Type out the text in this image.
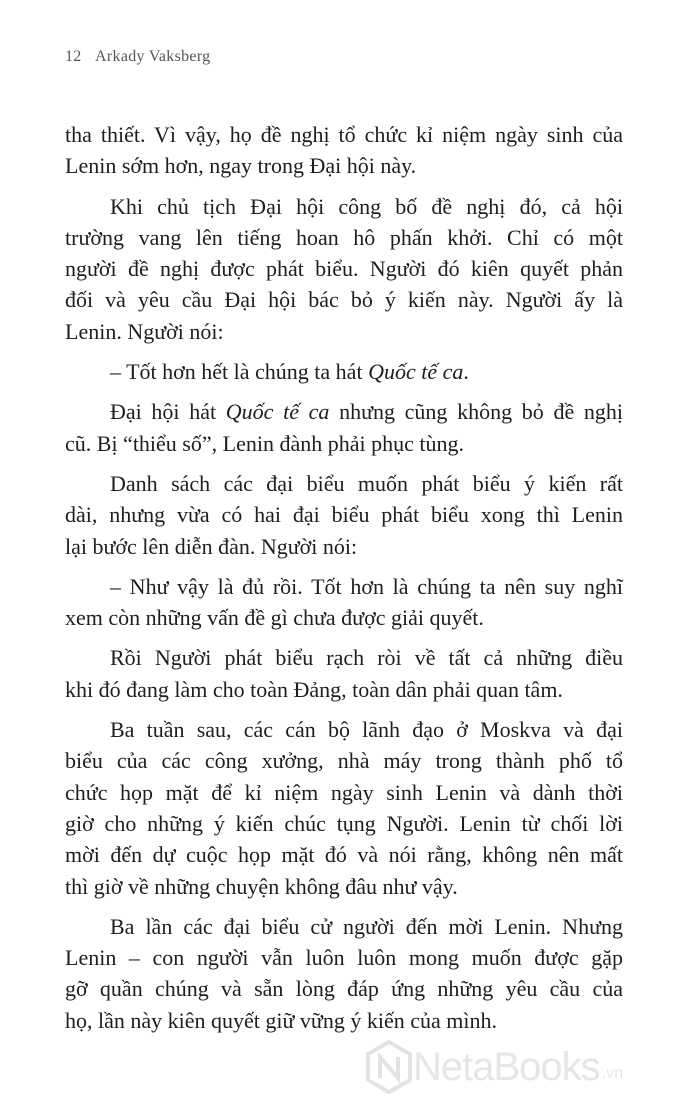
12 Arkady Vaksberg
tha thiết. Vì vậy, họ đề nghị tổ chức kỉ niệm ngày sinh của
Lenin sớm hơn, ngay trong Đại hội này.
Khi chủ tịch Đại hội công bố đề nghị đó, cả hội
trường vang lên tiếng hoan hô phấn khởi. Chỉ có một
người đề nghị được phát biểu. Người đó kiên quyết phản
đối và yêu cầu Đại hội bác bỏ ý kiến này. Người ấy là
Lenin. Người nói:
– Tốt hơn hết là chúng ta hát Quốc tế ca.
Đại hội hát Quốc tế ca nhưng cũng không bỏ đề nghị
cũ. Bị “thiểu số”, Lenin đành phải phục tùng.
Danh sách các đại biểu muốn phát biểu ý kiến rất
dài, nhưng vừa có hai đại biểu phát biểu xong thì Lenin
lại bước lên diễn đàn. Người nói:
– Như vậy là đủ rồi. Tốt hơn là chúng ta nên suy nghĩ
xem còn những vấn đề gì chưa được giải quyết.
Rồi Người phát biểu rạch ròi về tất cả những điều
khi đó đang làm cho toàn Đảng, toàn dân phải quan tâm.
Ba tuần sau, các cán bộ lãnh đạo ở Moskva và đại
biểu của các công xưởng, nhà máy trong thành phố tổ
chức họp mặt để kỉ niệm ngày sinh Lenin và dành thời
giờ cho những ý kiến chúc tụng Người. Lenin từ chối lời
mời đến dự cuộc họp mặt đó và nói rằng, không nên mất
thì giờ về những chuyện không đâu như vậy.
Ba lần các đại biểu cử người đến mời Lenin. Nhưng
Lenin – con người vẫn luôn luôn mong muốn được gặp
gỡ quần chúng và sẵn lòng đáp ứng những yêu cầu của
họ, lần này kiên quyết giữ vững ý kiến của mình.
NetaBooks .vn
